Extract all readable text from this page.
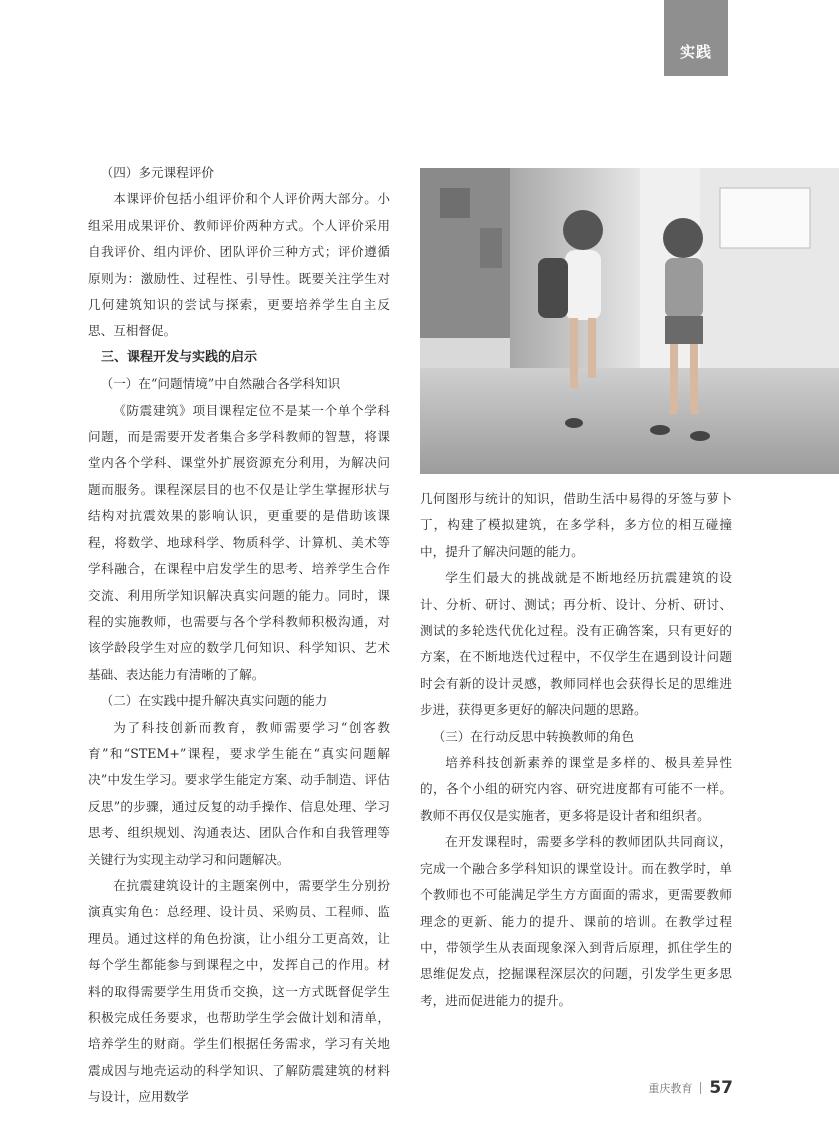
实践
（四）多元课程评价

本课评价包括小组评价和个人评价两大部分。小组采用成果评价、教师评价两种方式。个人评价采用自我评价、组内评价、团队评价三种方式；评价遵循原则为：激励性、过程性、引导性。既要关注学生对几何建筑知识的尝试与探索，更要培养学生自主反思、互相督促。

三、课程开发与实践的启示
（一）在“问题情境”中自然融合各学科知识

《防震建筑》项目课程定位不是某一个单个学科问题，而是需要开发者集合多学科教师的智慧，将课堂内各个学科、课堂外扩展资源充分利用，为解决问题而服务。课程深层目的也不仅是让学生掌握形状与结构对抗震效果的影响认识，更重要的是借助该课程，将数学、地球科学、物质科学、计算机、美术等学科融合，在课程中启发学生的思考、培养学生合作交流、利用所学知识解决真实问题的能力。同时，课程的实施教师，也需要与各个学科教师积极沟通，对该学龄段学生对应的数学几何知识、科学知识、艺术基础、表达能力有清晰的了解。

（二）在实践中提升解决真实问题的能力

为了科技创新而教育，教师需要学习“创客教育”和“STEM+”课程，要求学生能在“真实问题解决”中发生学习。要求学生能定方案、动手制造、评估反思”的步骤，通过反复的动手操作、信息处理、学习思考、组织规划、沟通表达、团队合作和自我管理等关键行为实现主动学习和问题解决。

在抗震建筑设计的主题案例中，需要学生分别扮演真实角色：总经理、设计员、采购员、工程师、监理员。通过这样的角色扮演，让小组分工更高效，让每个学生都能参与到课程之中，发挥自己的作用。材料的取得需要学生用货币交换，这一方式既督促学生积极完成任务要求，也帮助学生学会做计划和清单，培养学生的财商。学生们根据任务需求，学习有关地震成因与地壳运动的科学知识、了解防震建筑的材料与设计，应用数学

几何图形与统计的知识，借助生活中易得的牙签与萝卜丁，构建了模拟建筑，在多学科，多方位的相互碰撞中，提升了解决问题的能力。

学生们最大的挑战就是不断地经历抗震建筑的设计、分析、研讨、测试；再分析、设计、分析、研讨、测试的多轮迭代优化过程。没有正确答案，只有更好的方案，在不断地迭代过程中，不仅学生在遇到设计问题时会有新的设计灵感，教师同样也会获得长足的思维进步进，获得更多更好的解决问题的思路。

（三）在行动反思中转换教师的角色

培养科技创新素养的课堂是多样的、极具差异性的，各个小组的研究内容、研究进度都有可能不一样。教师不再仅仅是实施者，更多将是设计者和组织者。

在开发课程时，需要多学科的教师团队共同商议，完成一个融合多学科知识的课堂设计。而在教学时，单个教师也不可能满足学生方方面面的需求，更需要教师理念的更新、能力的提升、课前的培训。在教学过程中，带领学生从表面现象深入到背后原理，抓住学生的思维促发点，挖掘课程深层次的问题，引发学生更多思考，进而促进能力的提升。

重庆教育 57
